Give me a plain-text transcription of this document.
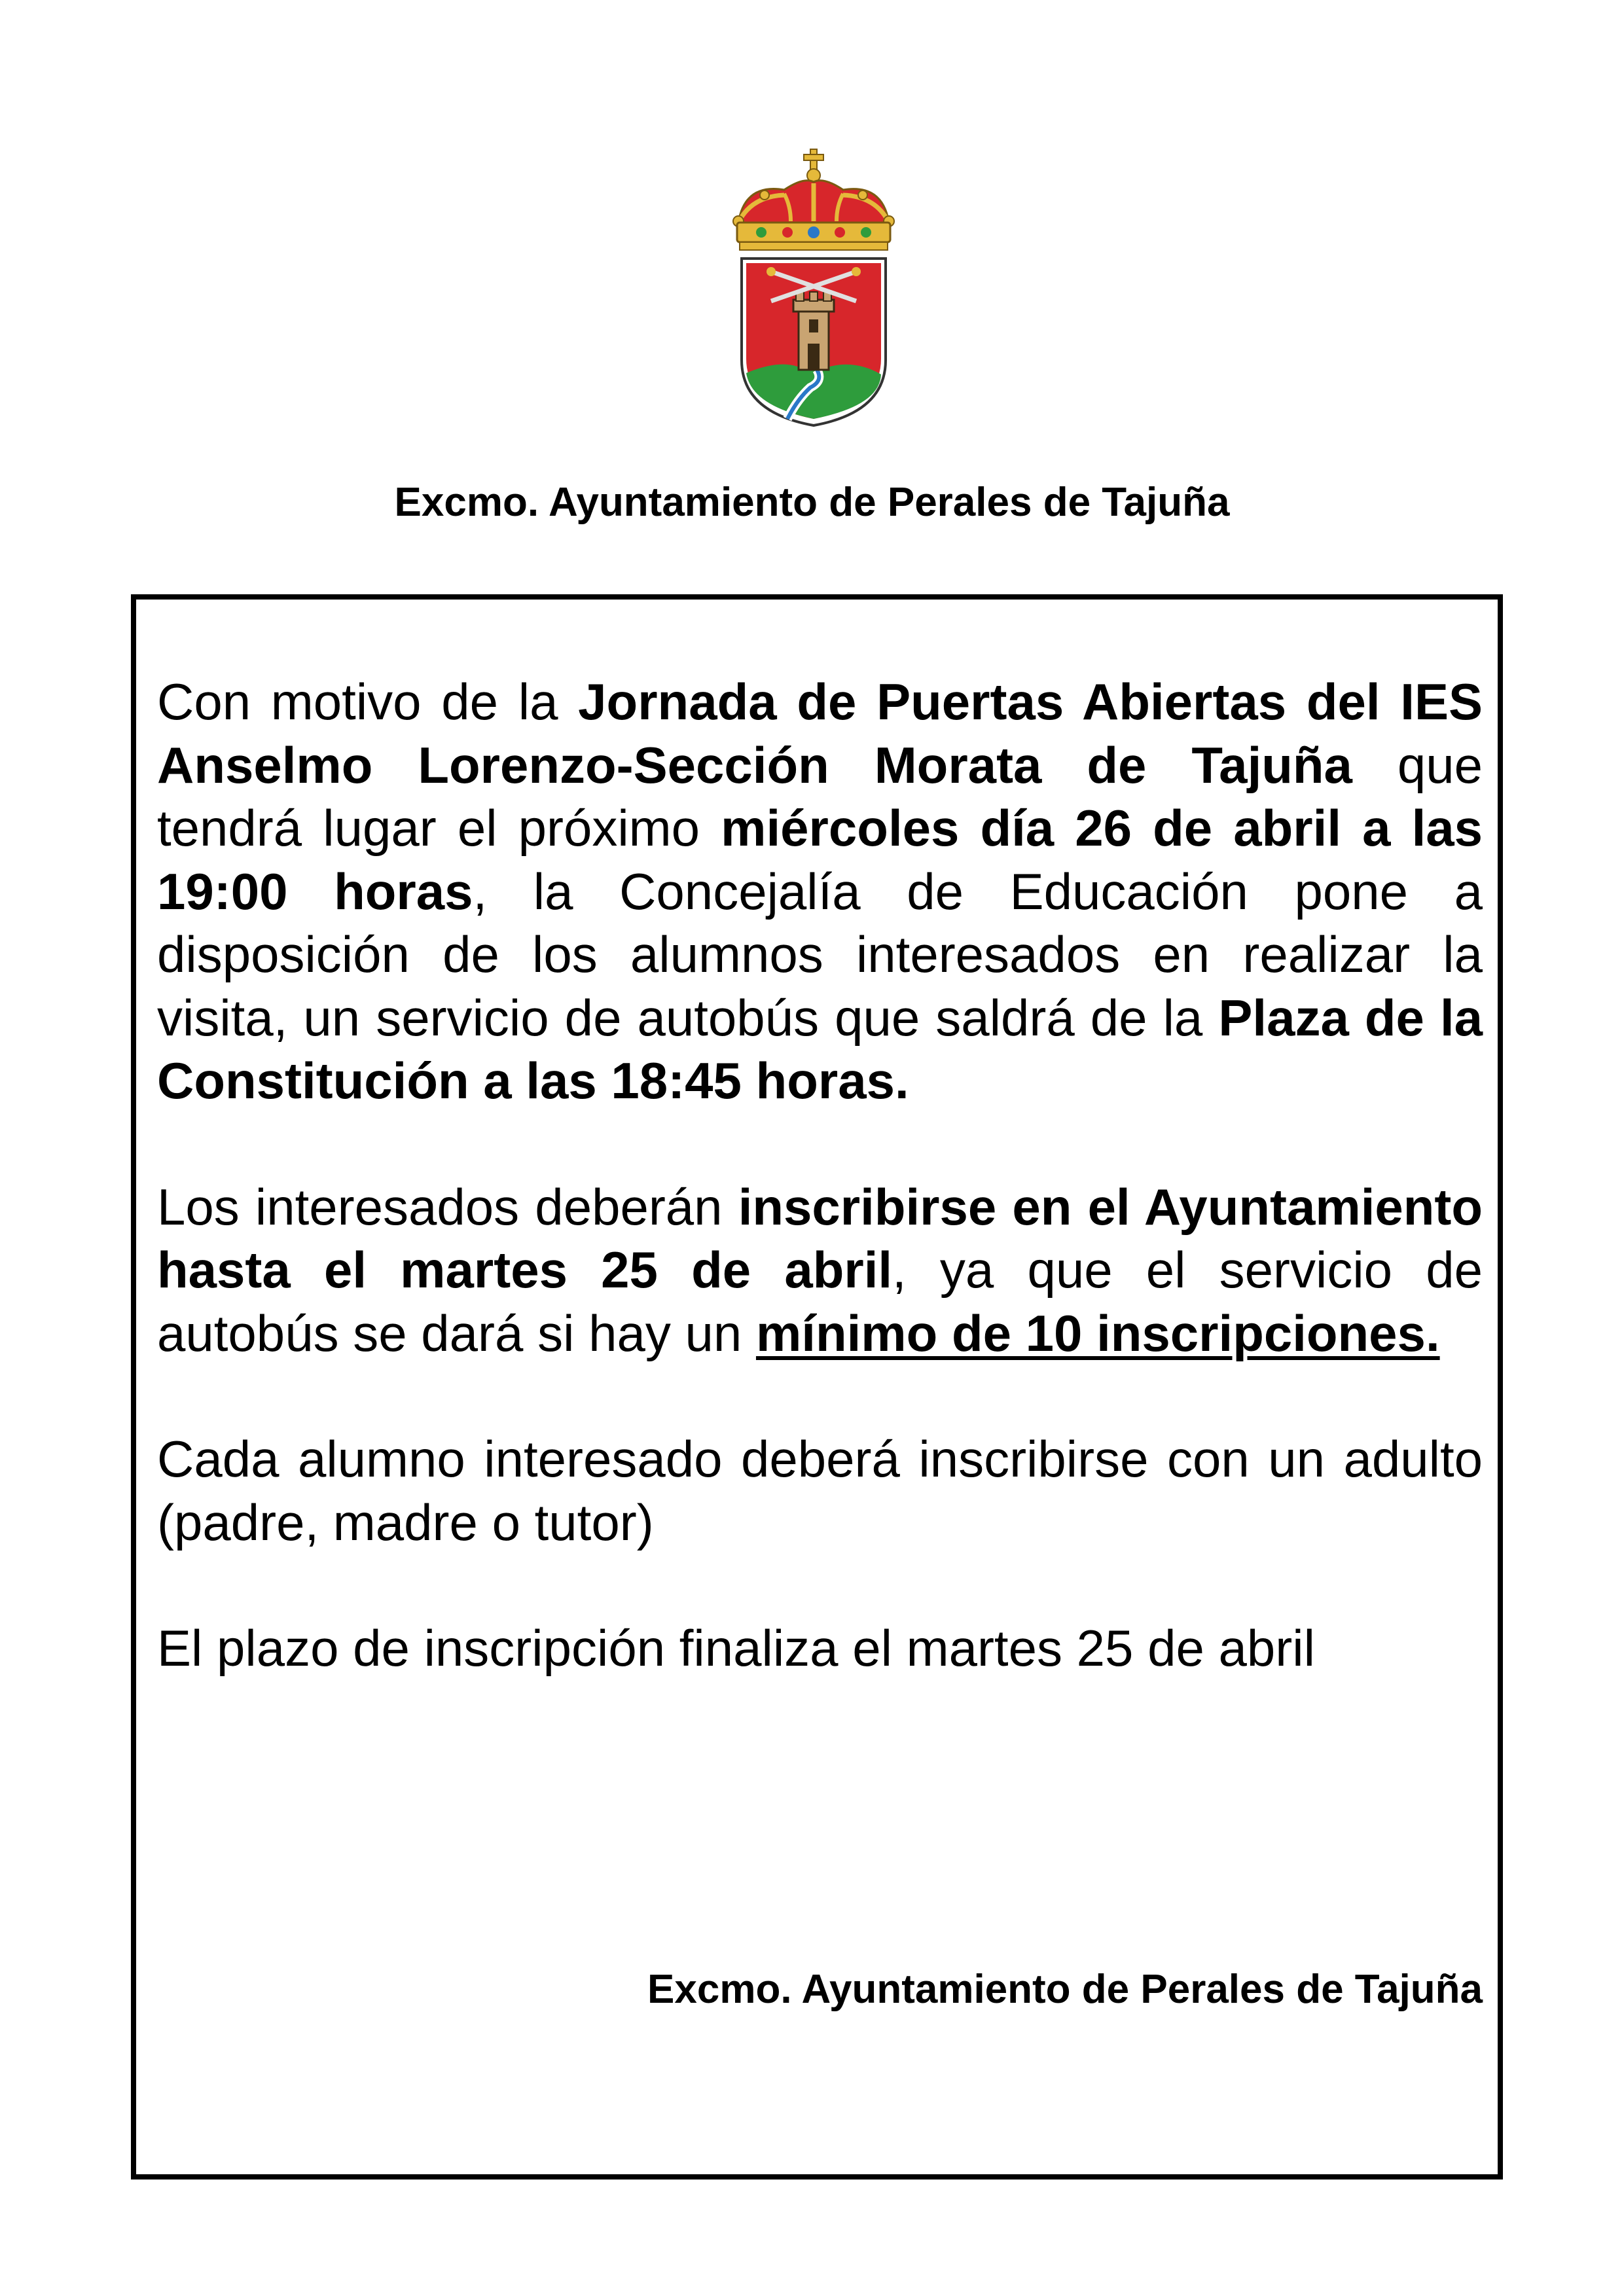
Excmo. Ayuntamiento de Perales de Tajuña

Con motivo de la Jornada de Puertas Abiertas del IES Anselmo Lorenzo-Sección Morata de Tajuña que tendrá lugar el próximo miércoles día 26 de abril a las 19:00 horas, la Concejalía de Educación pone a disposición de los alumnos interesados en realizar la visita, un servicio de autobús que saldrá de la Plaza de la Constitución a las 18:45 horas.

Los interesados deberán inscribirse en el Ayuntamiento hasta el martes 25 de abril, ya que el servicio de autobús se dará si hay un mínimo de 10 inscripciones.

Cada alumno interesado deberá inscribirse con un adulto (padre, madre o tutor)

El plazo de inscripción finaliza el martes 25 de abril

Excmo. Ayuntamiento de Perales de Tajuña
